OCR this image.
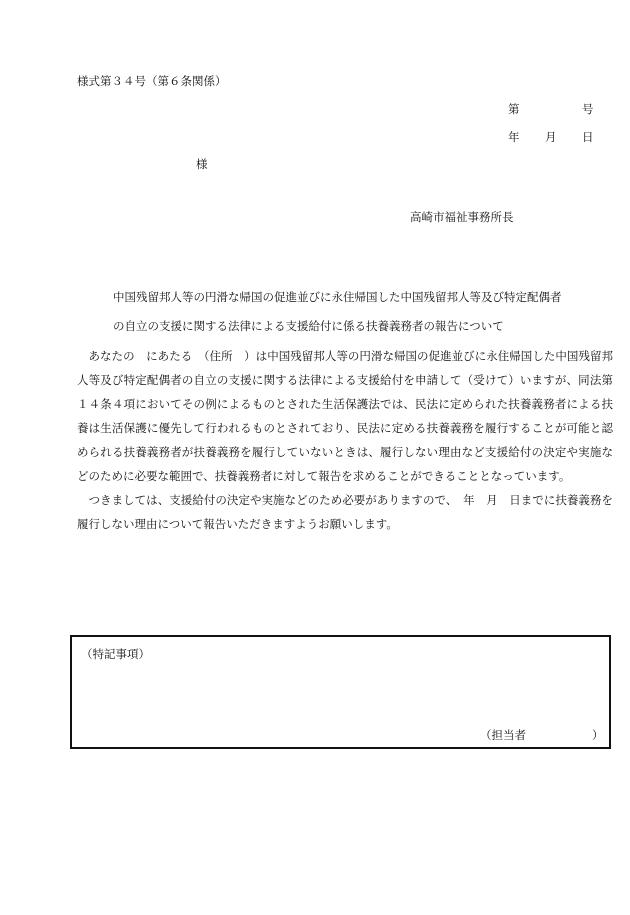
様式第３４号（第６条関係）
第	号
年 月 日
様
高崎市福祉事務所長
中国残留邦人等の円滑な帰国の促進並びに永住帰国した中国残留邦人等及び特定配偶者
の自立の支援に関する法律による支援給付に係る扶養義務者の報告について

あなたの　にあたる　（住所　）は中国残留邦人等の円滑な帰国の促進並びに永住帰国した中国残留邦人等及び特定配偶者の自立の支援に関する法律による支援給付を申請して（受けて）いますが、同法第１４条４項においてその例によるものとされた生活保護法では、民法に定められた扶養義務者による扶養は生活保護に優先して行われるものとされており、民法に定める扶養義務を履行することが可能と認められる扶養義務者が扶養義務を履行していないときは、履行しない理由など支援給付の決定や実施などのために必要な範囲で、扶養義務者に対して報告を求めることができることとなっています。

つきましては、支援給付の決定や実施などのため必要がありますので、　年　月　日までに扶養義務を履行しない理由について報告いただきますようお願いします。

（特記事項）
（担当者	）
